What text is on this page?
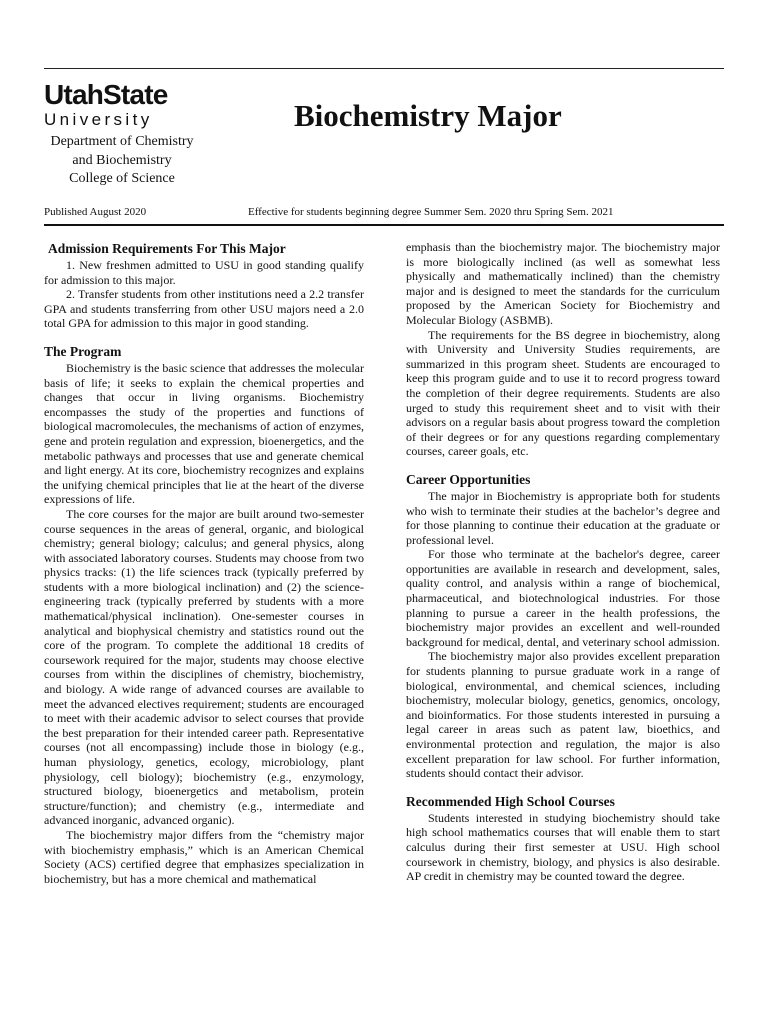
UtahState
University
Department of Chemistry
and Biochemistry
College of Science
Biochemistry Major
Published August 2020	Effective for students beginning degree Summer Sem. 2020 thru Spring Sem. 2021
Admission Requirements For This Major

1. New freshmen admitted to USU in good standing qualify for admission to this major.

2. Transfer students from other institutions need a 2.2 transfer GPA and students transferring from other USU majors need a 2.0 total GPA for admission to this major in good standing.

The Program

Biochemistry is the basic science that addresses the molecular basis of life; it seeks to explain the chemical properties and changes that occur in living organisms. Biochemistry encompasses the study of the properties and functions of biological macromolecules, the mechanisms of action of enzymes, gene and protein regulation and expression, bioenergetics, and the metabolic pathways and processes that use and generate chemical and light energy. At its core, biochemistry recognizes and explains the unifying chemical principles that lie at the heart of the diverse expressions of life.

The core courses for the major are built around two-semester course sequences in the areas of general, organic, and biological chemistry; general biology; calculus; and general physics, along with associated laboratory courses. Students may choose from two physics tracks: (1) the life sciences track (typically preferred by students with a more biological inclination) and (2) the science- engineering track (typically preferred by students with a more mathematical/physical inclination). One-semester courses in analytical and biophysical chemistry and statistics round out the core of the program. To complete the additional 18 credits of coursework required for the major, students may choose elective courses from within the disciplines of chemistry, biochemistry, and biology. A wide range of advanced courses are available to meet the advanced electives requirement; students are encouraged to meet with their academic advisor to select courses that provide the best preparation for their intended career path. Representative courses (not all encompassing) include those in biology (e.g., human physiology, genetics, ecology, microbiology, plant physiology, cell biology); biochemistry (e.g., enzymology, structured biology, bioenergetics and metabolism, protein structure/function); and chemistry (e.g., intermediate and advanced inorganic, advanced organic).

The biochemistry major differs from the “chemistry major with biochemistry emphasis,” which is an American Chemical Society (ACS) certified degree that emphasizes specialization in biochemistry, but has a more chemical and mathematical

emphasis than the biochemistry major. The biochemistry major is more biologically inclined (as well as somewhat less physically and mathematically inclined) than the chemistry major and is designed to meet the standards for the curriculum proposed by the American Society for Biochemistry and Molecular Biology (ASBMB).

The requirements for the BS degree in biochemistry, along with University and University Studies requirements, are summarized in this program sheet. Students are encouraged to keep this program guide and to use it to record progress toward the completion of their degree requirements. Students are also urged to study this requirement sheet and to visit with their advisors on a regular basis about progress toward the completion of their degrees or for any questions regarding complementary courses, career goals, etc.

Career Opportunities

The major in Biochemistry is appropriate both for students who wish to terminate their studies at the bachelor’s degree and for those planning to continue their education at the graduate or professional level.

For those who terminate at the bachelor's degree, career opportunities are available in research and development, sales, quality control, and analysis within a range of biochemical, pharmaceutical, and biotechnological industries. For those planning to pursue a career in the health professions, the biochemistry major provides an excellent and well-rounded background for medical, dental, and veterinary school admission.

The biochemistry major also provides excellent preparation for students planning to pursue graduate work in a range of biological, environmental, and chemical sciences, including biochemistry, molecular biology, genetics, genomics, oncology, and bioinformatics. For those students interested in pursuing a legal career in areas such as patent law, bioethics, and environmental protection and regulation, the major is also excellent preparation for law school. For further information, students should contact their advisor.

Recommended High School Courses

Students interested in studying biochemistry should take high school mathematics courses that will enable them to start calculus during their first semester at USU. High school coursework in chemistry, biology, and physics is also desirable. AP credit in chemistry may be counted toward the degree.
